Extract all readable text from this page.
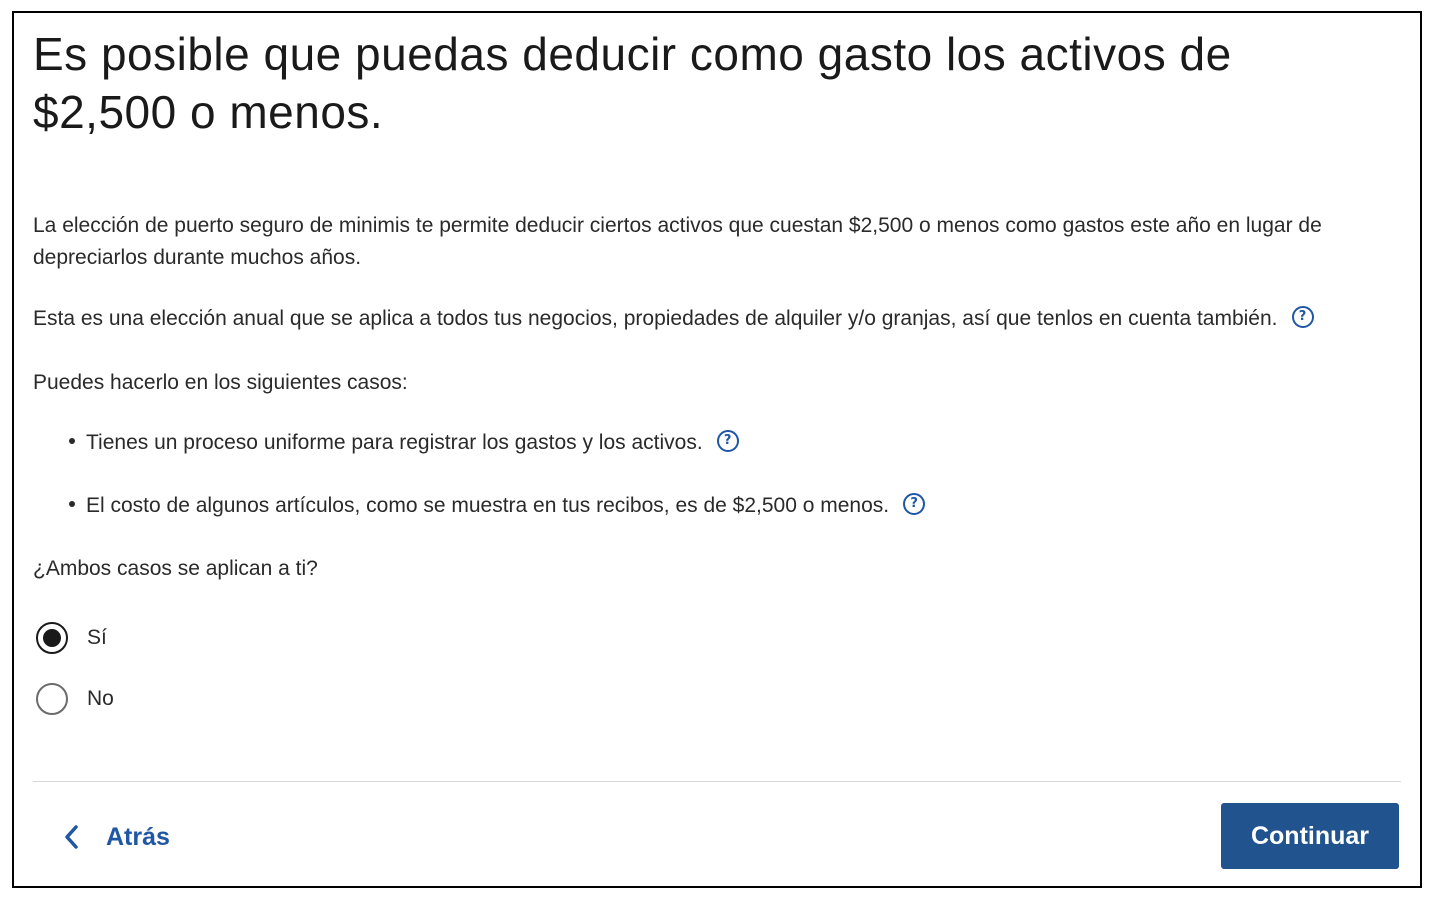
Es posible que puedas deducir como gasto los activos de $2,500 o menos.

La elección de puerto seguro de minimis te permite deducir ciertos activos que cuestan $2,500 o menos como gastos este año en lugar de depreciarlos durante muchos años.

Esta es una elección anual que se aplica a todos tus negocios, propiedades de alquiler y/o granjas, así que tenlos en cuenta también. ?

Puedes hacerlo en los siguientes casos:

Tienes un proceso uniforme para registrar los gastos y los activos. ?
El costo de algunos artículos, como se muestra en tus recibos, es de $2,500 o menos. ?

¿Ambos casos se aplican a ti?

Sí
No
Atrás	Continuar
